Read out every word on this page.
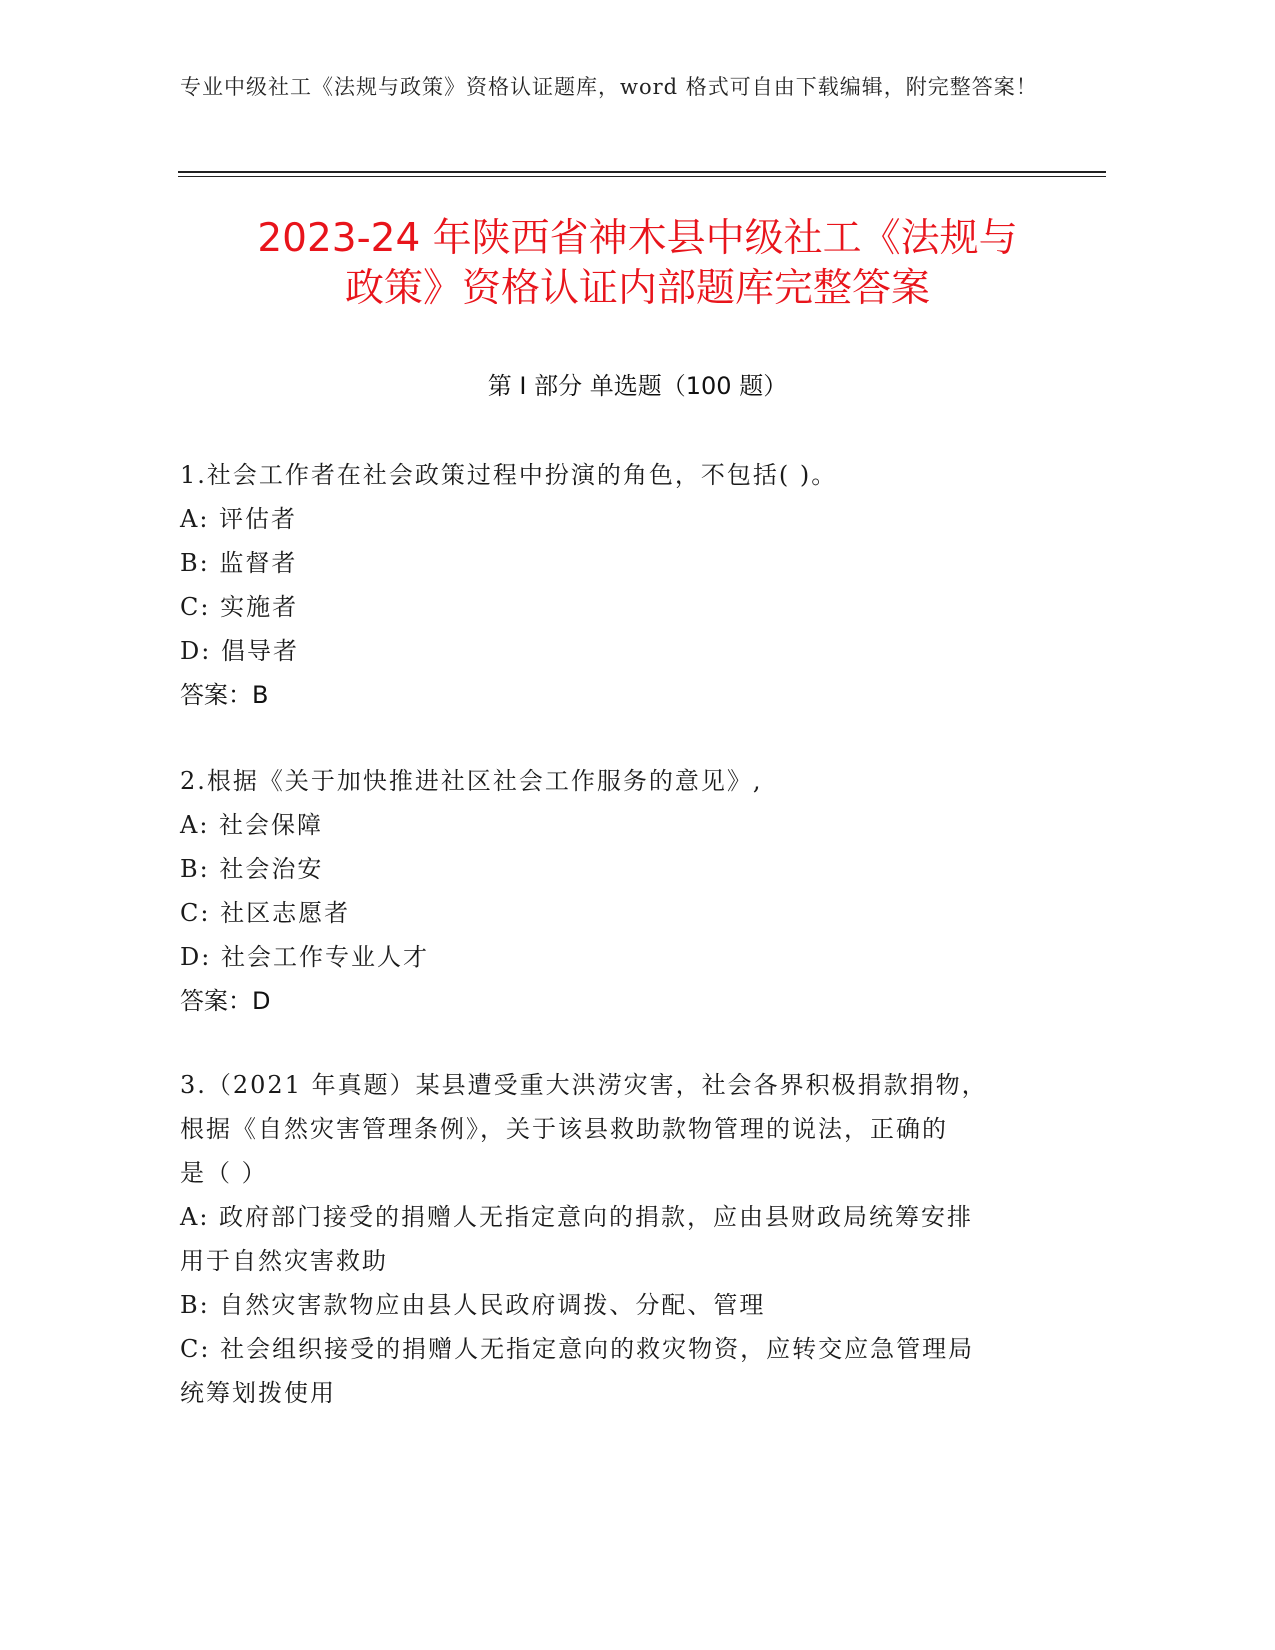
专业中级社工《法规与政策》资格认证题库，word 格式可自由下载编辑，附完整答案！
2023-24 年陕西省神木县中级社工《法规与
政策》资格认证内部题库完整答案
第 I 部分 单选题（100 题）
1.社会工作者在社会政策过程中扮演的角色，不包括( )。
A: 评估者
B: 监督者
C: 实施者
D: 倡导者
答案：B
2.根据《关于加快推进社区社会工作服务的意见》,
A: 社会保障
B: 社会治安
C: 社区志愿者
D: 社会工作专业人才
答案：D
3.（2021 年真题）某县遭受重大洪涝灾害，社会各界积极捐款捐物，
根据《自然灾害管理条例》，关于该县救助款物管理的说法，正确的
是（ ）
A: 政府部门接受的捐赠人无指定意向的捐款，应由县财政局统筹安排
用于自然灾害救助
B: 自然灾害款物应由县人民政府调拨、分配、管理
C: 社会组织接受的捐赠人无指定意向的救灾物资，应转交应急管理局
统筹划拨使用
